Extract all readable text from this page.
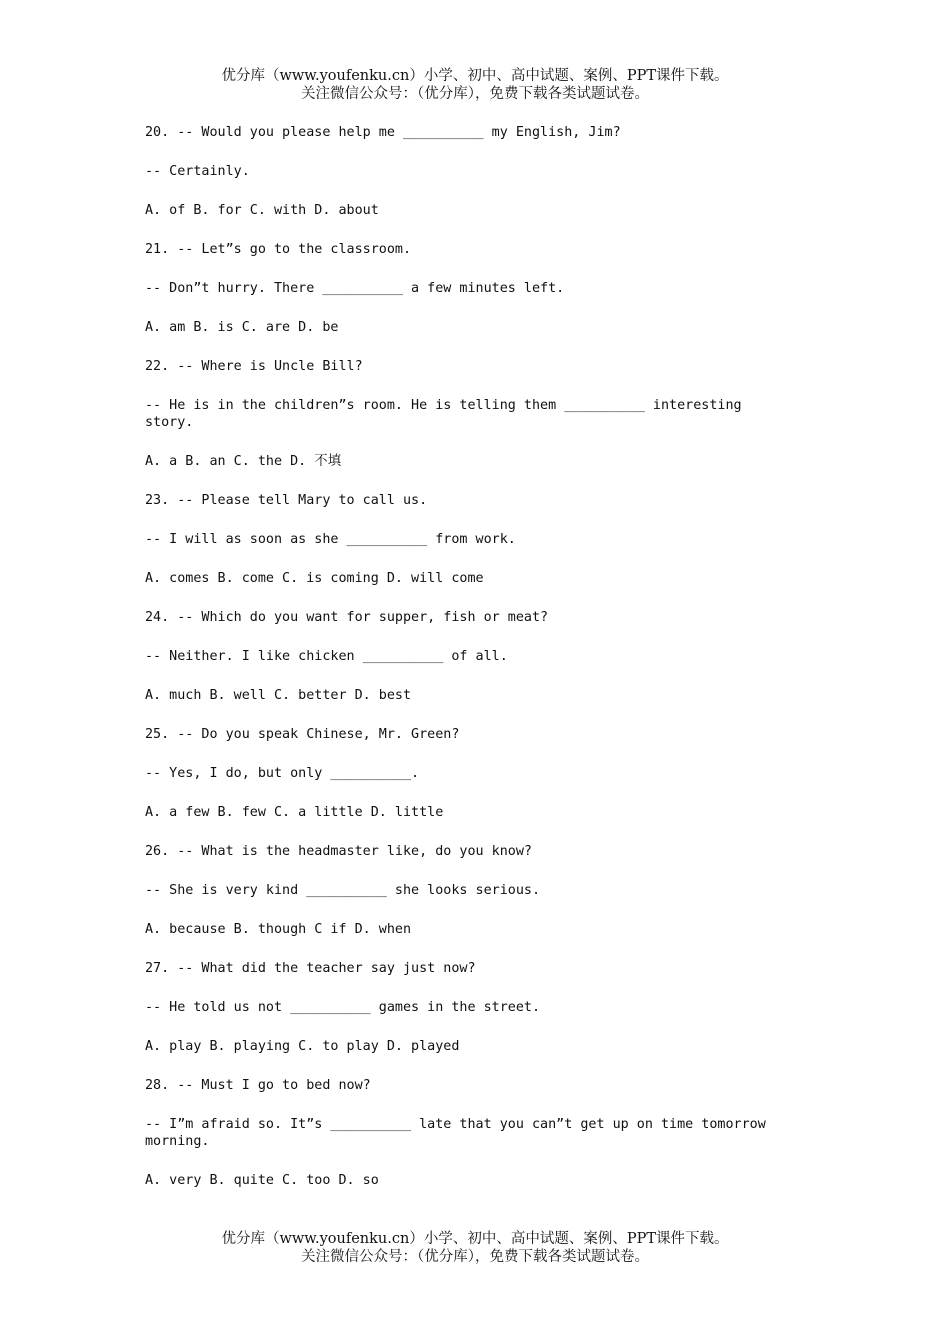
优分库（www.youfenku.cn）小学、初中、高中试题、案例、PPT课件下载。
关注微信公众号：（优分库），免费下载各类试题试卷。
20. -- Would you please help me __________ my English, Jim?
-- Certainly.
A. of B. for C. with D. about
21. -- Let”s go to the classroom.
-- Don”t hurry. There __________ a few minutes left.
A. am B. is C. are D. be
22. -- Where is Uncle Bill?
-- He is in the children”s room. He is telling them __________ interesting story.
A. a B. an C. the D. 不填
23. -- Please tell Mary to call us.
-- I will as soon as she __________ from work.
A. comes B. come C. is coming D. will come
24. -- Which do you want for supper, fish or meat?
-- Neither. I like chicken __________ of all.
A. much B. well C. better D. best
25. -- Do you speak Chinese, Mr. Green?
-- Yes, I do, but only __________.
A. a few B. few C. a little D. little
26. -- What is the headmaster like, do you know?
-- She is very kind __________ she looks serious.
A. because B. though C if D. when
27. -- What did the teacher say just now?
-- He told us not __________ games in the street.
A. play B. playing C. to play D. played
28. -- Must I go to bed now?
-- I”m afraid so. It”s __________ late that you can”t get up on time tomorrow morning.
A. very B. quite C. too D. so
优分库（www.youfenku.cn）小学、初中、高中试题、案例、PPT课件下载。
关注微信公众号：（优分库），免费下载各类试题试卷。
